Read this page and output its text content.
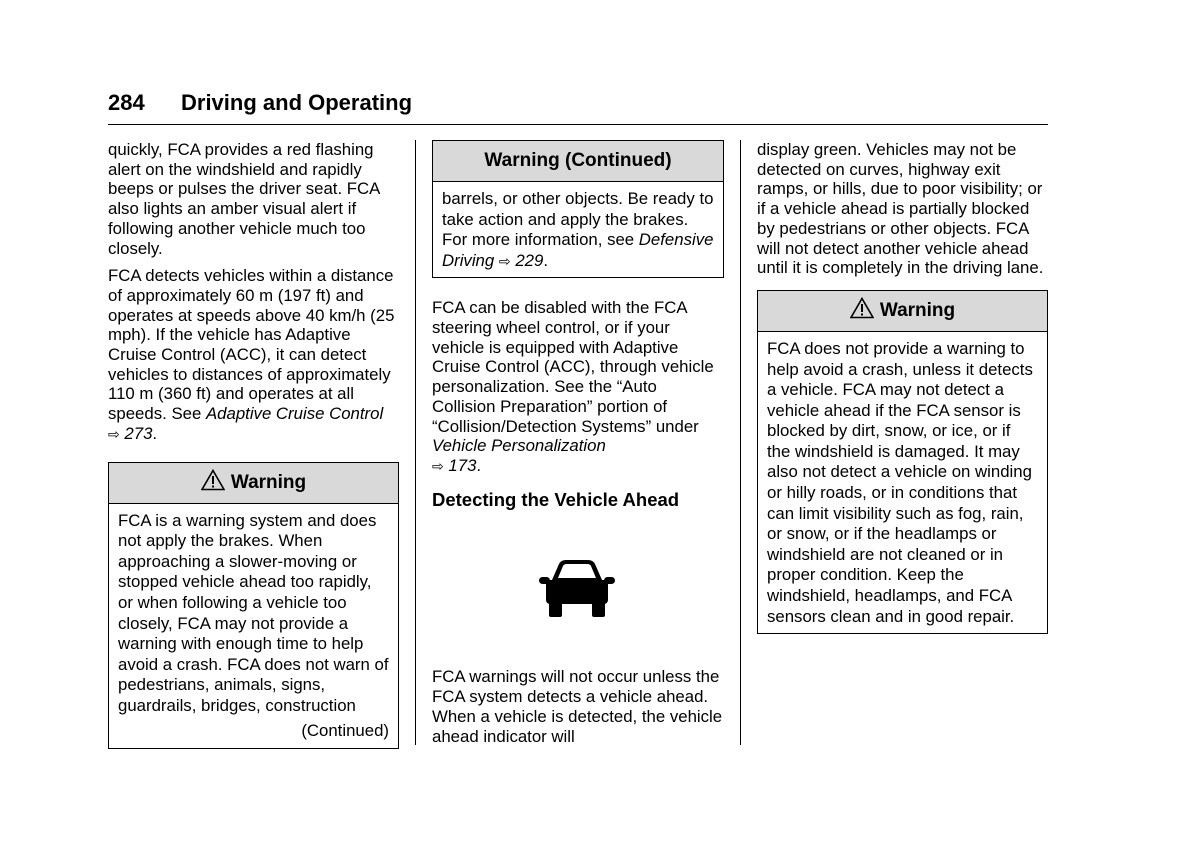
284 Driving and Operating

quickly, FCA provides a red flashing alert on the windshield and rapidly beeps or pulses the driver seat. FCA also lights an amber visual alert if following another vehicle much too closely.

FCA detects vehicles within a distance of approximately 60 m (197 ft) and operates at speeds above 40 km/h (25 mph). If the vehicle has Adaptive Cruise Control (ACC), it can detect vehicles to distances of approximately 110 m (360 ft) and operates at all speeds. See Adaptive Cruise Control ⇨ 273.

Warning

FCA is a warning system and does not apply the brakes. When approaching a slower-moving or stopped vehicle ahead too rapidly, or when following a vehicle too closely, FCA may not provide a warning with enough time to help avoid a crash. FCA does not warn of pedestrians, animals, signs, guardrails, bridges, construction

(Continued)
Warning (Continued)

barrels, or other objects. Be ready to take action and apply the brakes. For more information, see Defensive Driving ⇨ 229.

FCA can be disabled with the FCA steering wheel control, or if your vehicle is equipped with Adaptive Cruise Control (ACC), through vehicle personalization. See the “Auto Collision Preparation” portion of “Collision/Detection Systems” under Vehicle Personalization
⇨ 173.

Detecting the Vehicle Ahead

FCA warnings will not occur unless the FCA system detects a vehicle ahead. When a vehicle is detected, the vehicle ahead indicator will

display green. Vehicles may not be detected on curves, highway exit ramps, or hills, due to poor visibility; or if a vehicle ahead is partially blocked by pedestrians or other objects. FCA will not detect another vehicle ahead until it is completely in the driving lane.

Warning

FCA does not provide a warning to help avoid a crash, unless it detects a vehicle. FCA may not detect a vehicle ahead if the FCA sensor is blocked by dirt, snow, or ice, or if the windshield is damaged. It may also not detect a vehicle on winding or hilly roads, or in conditions that can limit visibility such as fog, rain, or snow, or if the headlamps or windshield are not cleaned or in proper condition. Keep the windshield, headlamps, and FCA sensors clean and in good repair.
